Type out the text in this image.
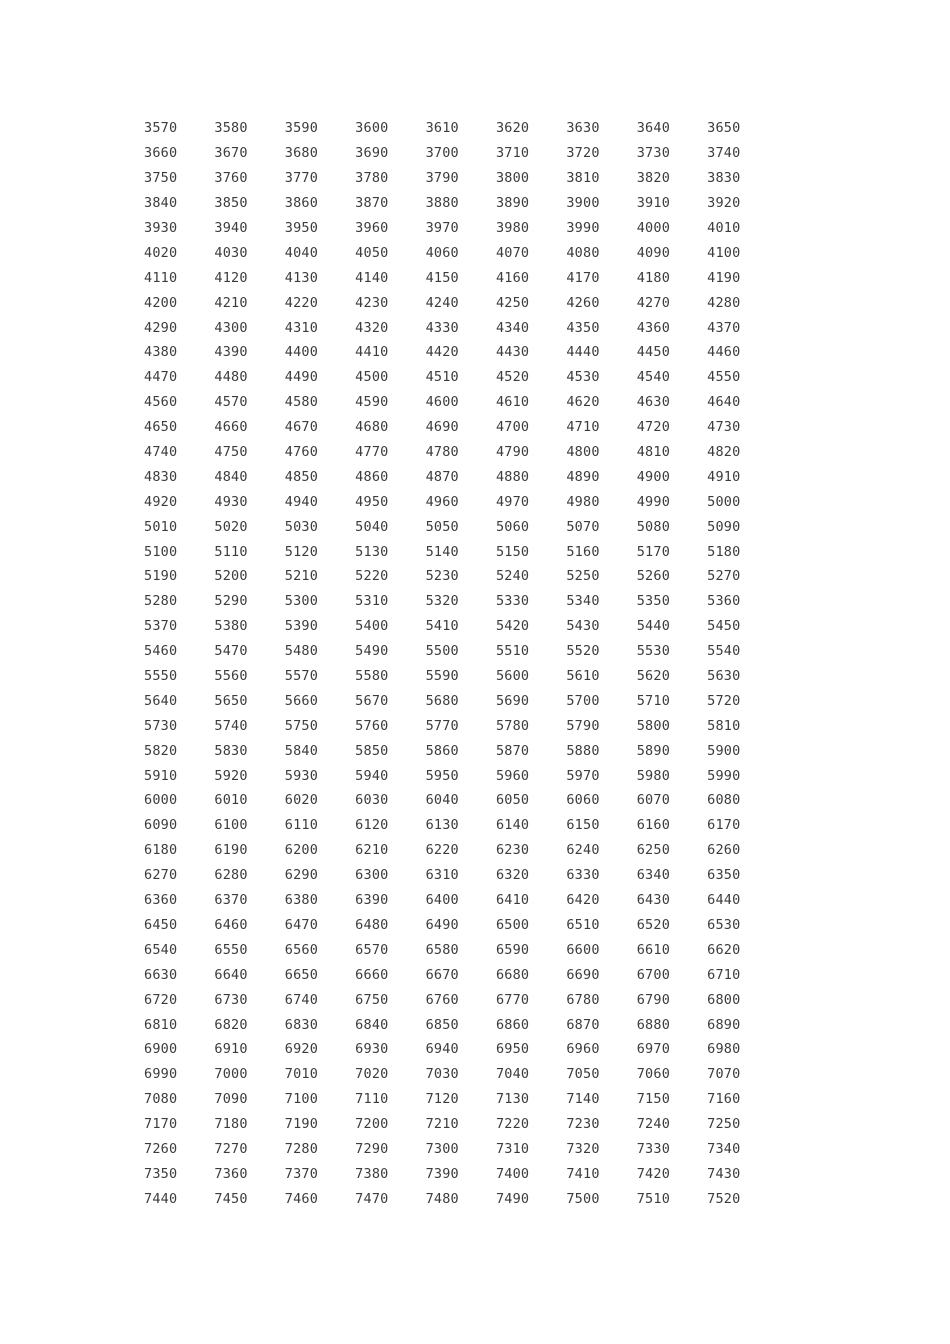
3570	3580	3590	3600	3610	3620	3630	3640	3650
3660	3670	3680	3690	3700	3710	3720	3730	3740
3750	3760	3770	3780	3790	3800	3810	3820	3830
3840	3850	3860	3870	3880	3890	3900	3910	3920
3930	3940	3950	3960	3970	3980	3990	4000	4010
4020	4030	4040	4050	4060	4070	4080	4090	4100
4110	4120	4130	4140	4150	4160	4170	4180	4190
4200	4210	4220	4230	4240	4250	4260	4270	4280
4290	4300	4310	4320	4330	4340	4350	4360	4370
4380	4390	4400	4410	4420	4430	4440	4450	4460
4470	4480	4490	4500	4510	4520	4530	4540	4550
4560	4570	4580	4590	4600	4610	4620	4630	4640
4650	4660	4670	4680	4690	4700	4710	4720	4730
4740	4750	4760	4770	4780	4790	4800	4810	4820
4830	4840	4850	4860	4870	4880	4890	4900	4910
4920	4930	4940	4950	4960	4970	4980	4990	5000
5010	5020	5030	5040	5050	5060	5070	5080	5090
5100	5110	5120	5130	5140	5150	5160	5170	5180
5190	5200	5210	5220	5230	5240	5250	5260	5270
5280	5290	5300	5310	5320	5330	5340	5350	5360
5370	5380	5390	5400	5410	5420	5430	5440	5450
5460	5470	5480	5490	5500	5510	5520	5530	5540
5550	5560	5570	5580	5590	5600	5610	5620	5630
5640	5650	5660	5670	5680	5690	5700	5710	5720
5730	5740	5750	5760	5770	5780	5790	5800	5810
5820	5830	5840	5850	5860	5870	5880	5890	5900
5910	5920	5930	5940	5950	5960	5970	5980	5990
6000	6010	6020	6030	6040	6050	6060	6070	6080
6090	6100	6110	6120	6130	6140	6150	6160	6170
6180	6190	6200	6210	6220	6230	6240	6250	6260
6270	6280	6290	6300	6310	6320	6330	6340	6350
6360	6370	6380	6390	6400	6410	6420	6430	6440
6450	6460	6470	6480	6490	6500	6510	6520	6530
6540	6550	6560	6570	6580	6590	6600	6610	6620
6630	6640	6650	6660	6670	6680	6690	6700	6710
6720	6730	6740	6750	6760	6770	6780	6790	6800
6810	6820	6830	6840	6850	6860	6870	6880	6890
6900	6910	6920	6930	6940	6950	6960	6970	6980
6990	7000	7010	7020	7030	7040	7050	7060	7070
7080	7090	7100	7110	7120	7130	7140	7150	7160
7170	7180	7190	7200	7210	7220	7230	7240	7250
7260	7270	7280	7290	7300	7310	7320	7330	7340
7350	7360	7370	7380	7390	7400	7410	7420	7430
7440	7450	7460	7470	7480	7490	7500	7510	7520
